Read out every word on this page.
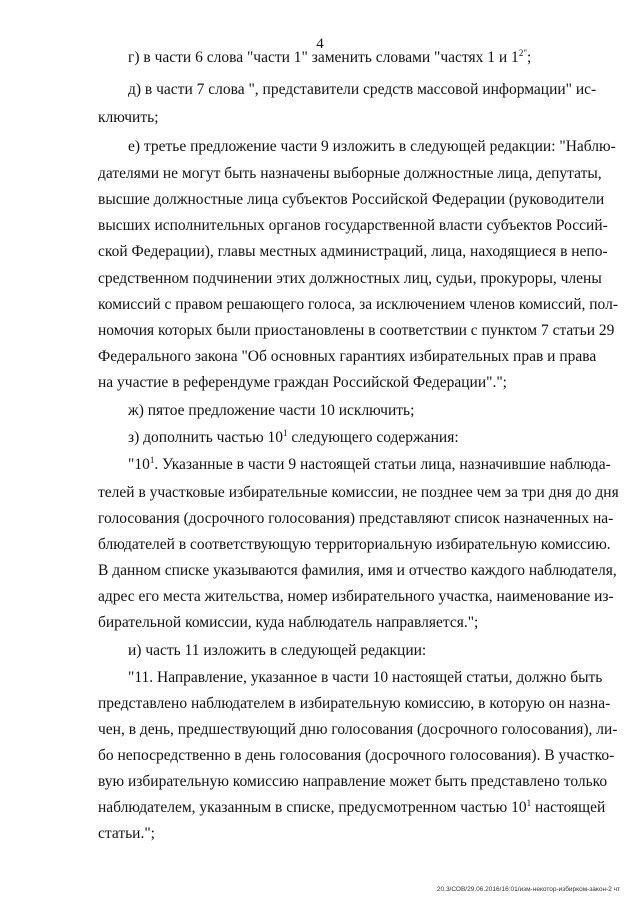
4
г) в части 6 слова "части 1" заменить словами "частях 1 и $1^{2"}$;
д) в части 7 слова ", представители средств массовой информации" ис-
ключить;
е) третье предложение части 9 изложить в следующей редакции: "Наблю-
дателями не могут быть назначены выборные должностные лица, депутаты,
высшие должностные лица субъектов Российской Федерации (руководители
высших исполнительных органов государственной власти субъектов Россий-
ской Федерации), главы местных администраций, лица, находящиеся в непо-
средственном подчинении этих должностных лиц, судьи, прокуроры, члены
комиссий с правом решающего голоса, за исключением членов комиссий, пол-
номочия которых были приостановлены в соответствии с пунктом 7 статьи 29
Федерального закона "Об основных гарантиях избирательных прав и права
на участие в референдуме граждан Российской Федерации".";
ж) пятое предложение части 10 исключить;
з) дополнить частью $10^1$ следующего содержания:
"$10^1$. Указанные в части 9 настоящей статьи лица, назначившие наблюда-
телей в участковые избирательные комиссии, не позднее чем за три дня до дня
голосования (досрочного голосования) представляют список назначенных на-
блюдателей в соответствующую территориальную избирательную комиссию.
В данном списке указываются фамилия, имя и отчество каждого наблюдателя,
адрес его места жительства, номер избирательного участка, наименование из-
бирательной комиссии, куда наблюдатель направляется.";
и) часть 11 изложить в следующей редакции:
"11. Направление, указанное в части 10 настоящей статьи, должно быть
представлено наблюдателем в избирательную комиссию, в которую он назна-
чен, в день, предшествующий дню голосования (досрочного голосования), ли-
бо непосредственно в день голосования (досрочного голосования). В участко-
вую избирательную комиссию направление может быть представлено только
наблюдателем, указанным в списке, предусмотренном частью $10^1$ настоящей
статьи.";
20.3/СОВ/29.06.2016/16:01/изм-некотор-избирком-закон-2 чт
